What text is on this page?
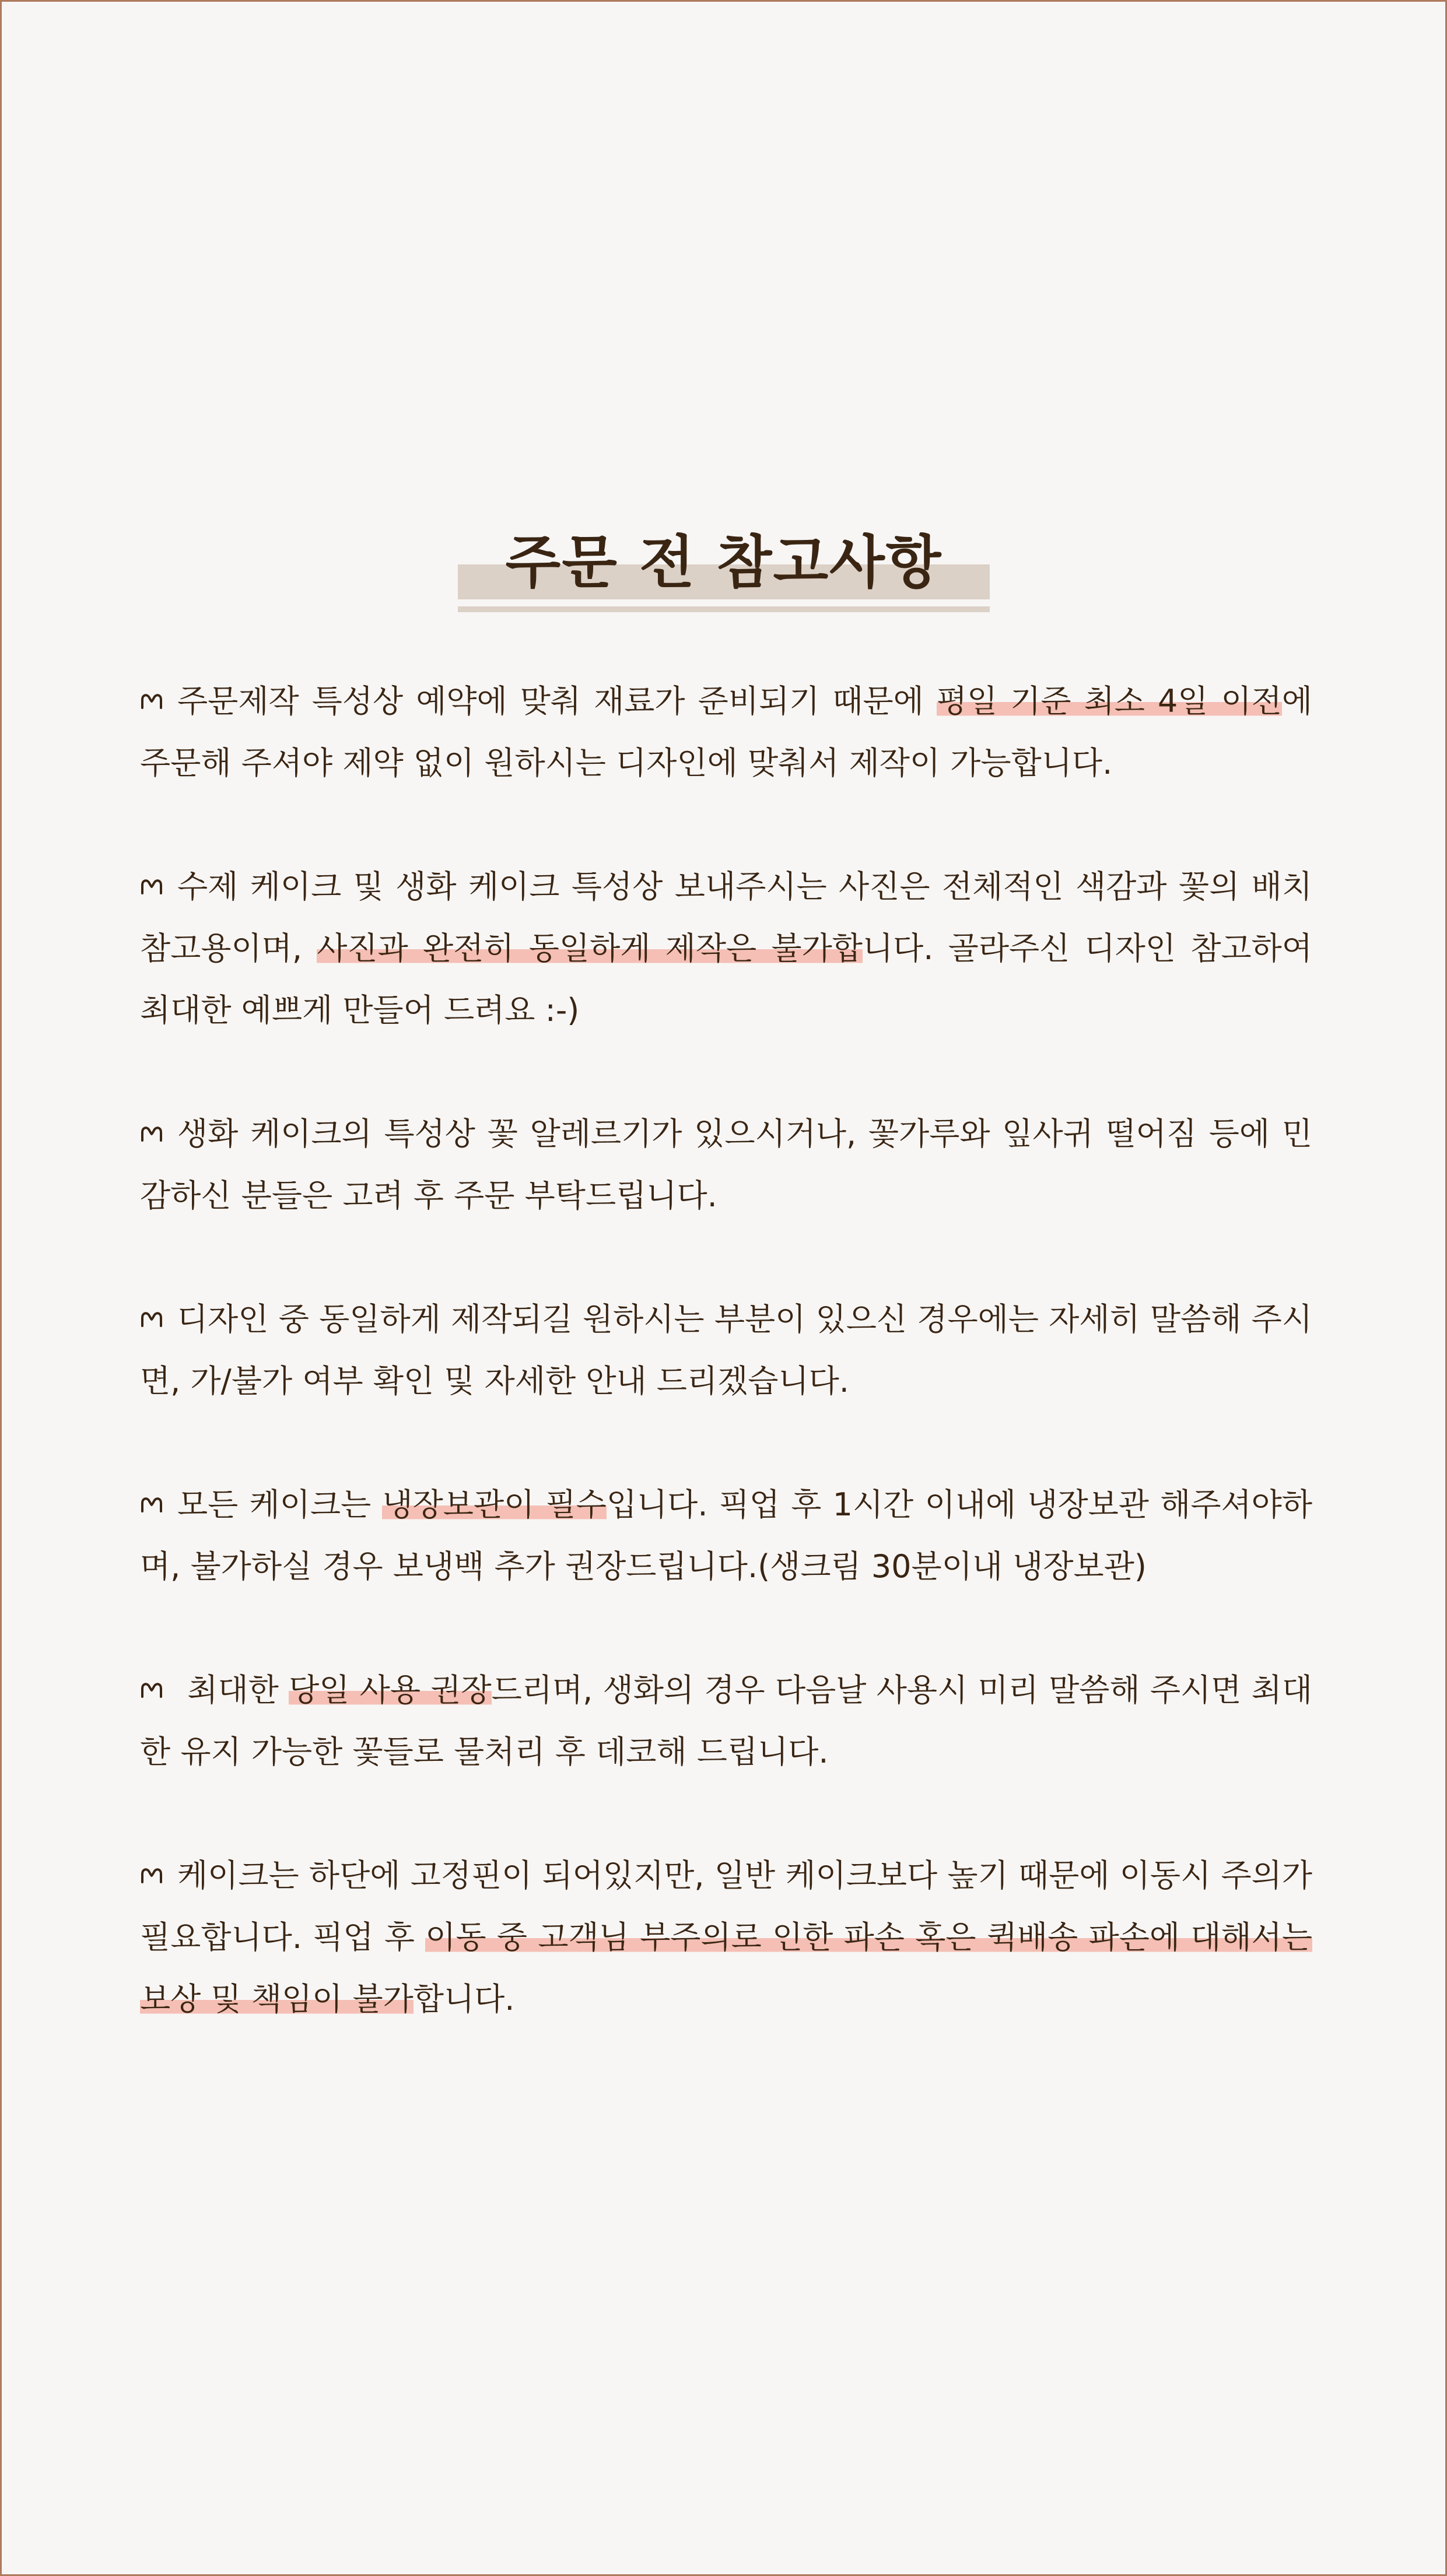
주문 전 참고사항

주문제작 특성상 예약에 맞춰 재료가 준비되기 때문에 평일 기준 최소 4일 이전에 주문해 주셔야 제약 없이 원하시는 디자인에 맞춰서 제작이 가능합니다.

수제 케이크 및 생화 케이크 특성상 보내주시는 사진은 전체적인 색감과 꽃의 배치 참고용이며, 사진과 완전히 동일하게 제작은 불가합니다. 골라주신 디자인 참고하여 최대한 예쁘게 만들어 드려요 :-)

생화 케이크의 특성상 꽃 알레르기가 있으시거나, 꽃가루와 잎사귀 떨어짐 등에 민감하신 분들은 고려 후 주문 부탁드립니다.

디자인 중 동일하게 제작되길 원하시는 부분이 있으신 경우에는 자세히 말씀해 주시면, 가/불가 여부 확인 및 자세한 안내 드리겠습니다.

모든 케이크는 냉장보관이 필수입니다. 픽업 후 1시간 이내에 냉장보관 해주셔야하며, 불가하실 경우 보냉백 추가 권장드립니다.(생크림 30분이내 냉장보관)

최대한 당일 사용 권장드리며, 생화의 경우 다음날 사용시 미리 말씀해 주시면 최대한 유지 가능한 꽃들로 물처리 후 데코해 드립니다.

케이크는 하단에 고정핀이 되어있지만, 일반 케이크보다 높기 때문에 이동시 주의가 필요합니다. 픽업 후 이동 중 고객님 부주의로 인한 파손 혹은 퀵배송 파손에 대해서는 보상 및 책임이 불가합니다.
